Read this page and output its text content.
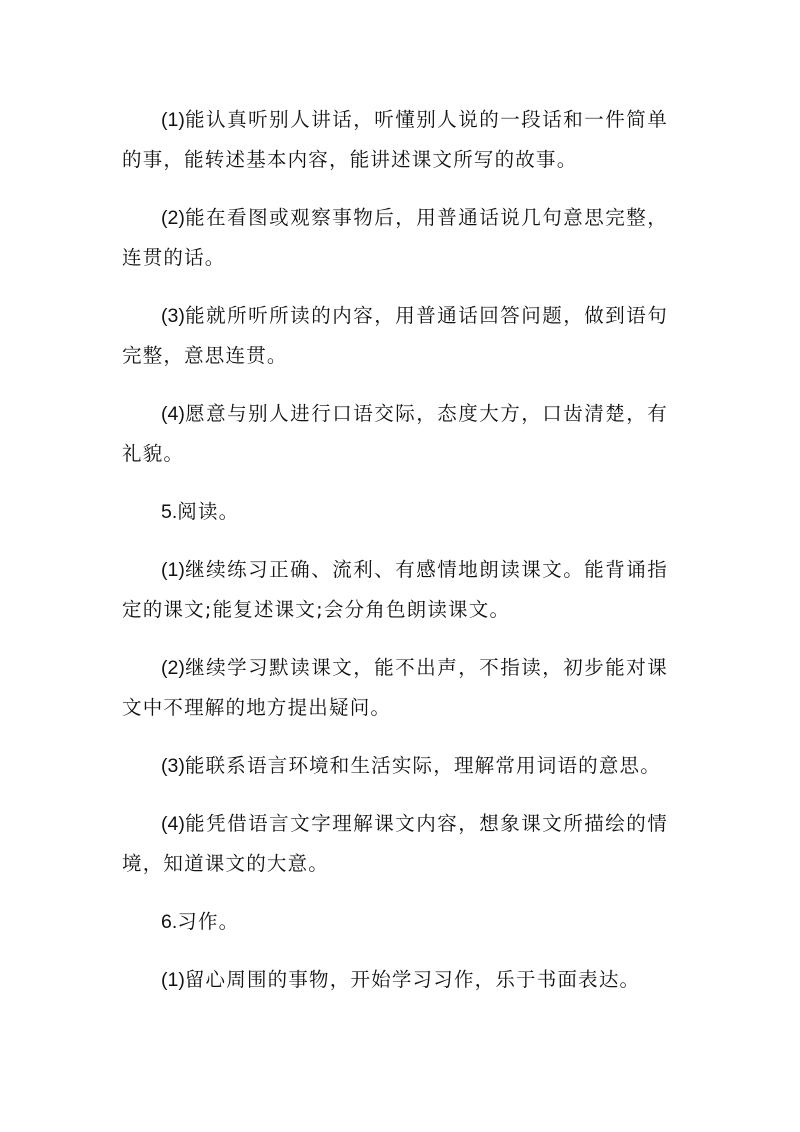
(1)能认真听别人讲话，听懂别人说的一段话和一件简单的事，能转述基本内容，能讲述课文所写的故事。

(2)能在看图或观察事物后，用普通话说几句意思完整，连贯的话。

(3)能就所听所读的内容，用普通话回答问题，做到语句完整，意思连贯。

(4)愿意与别人进行口语交际，态度大方，口齿清楚，有礼貌。

5.阅读。

(1)继续练习正确、流利、有感情地朗读课文。能背诵指定的课文;能复述课文;会分角色朗读课文。

(2)继续学习默读课文，能不出声，不指读，初步能对课文中不理解的地方提出疑问。

(3)能联系语言环境和生活实际，理解常用词语的意思。

(4)能凭借语言文字理解课文内容，想象课文所描绘的情境，知道课文的大意。

6.习作。

(1)留心周围的事物，开始学习习作，乐于书面表达。
